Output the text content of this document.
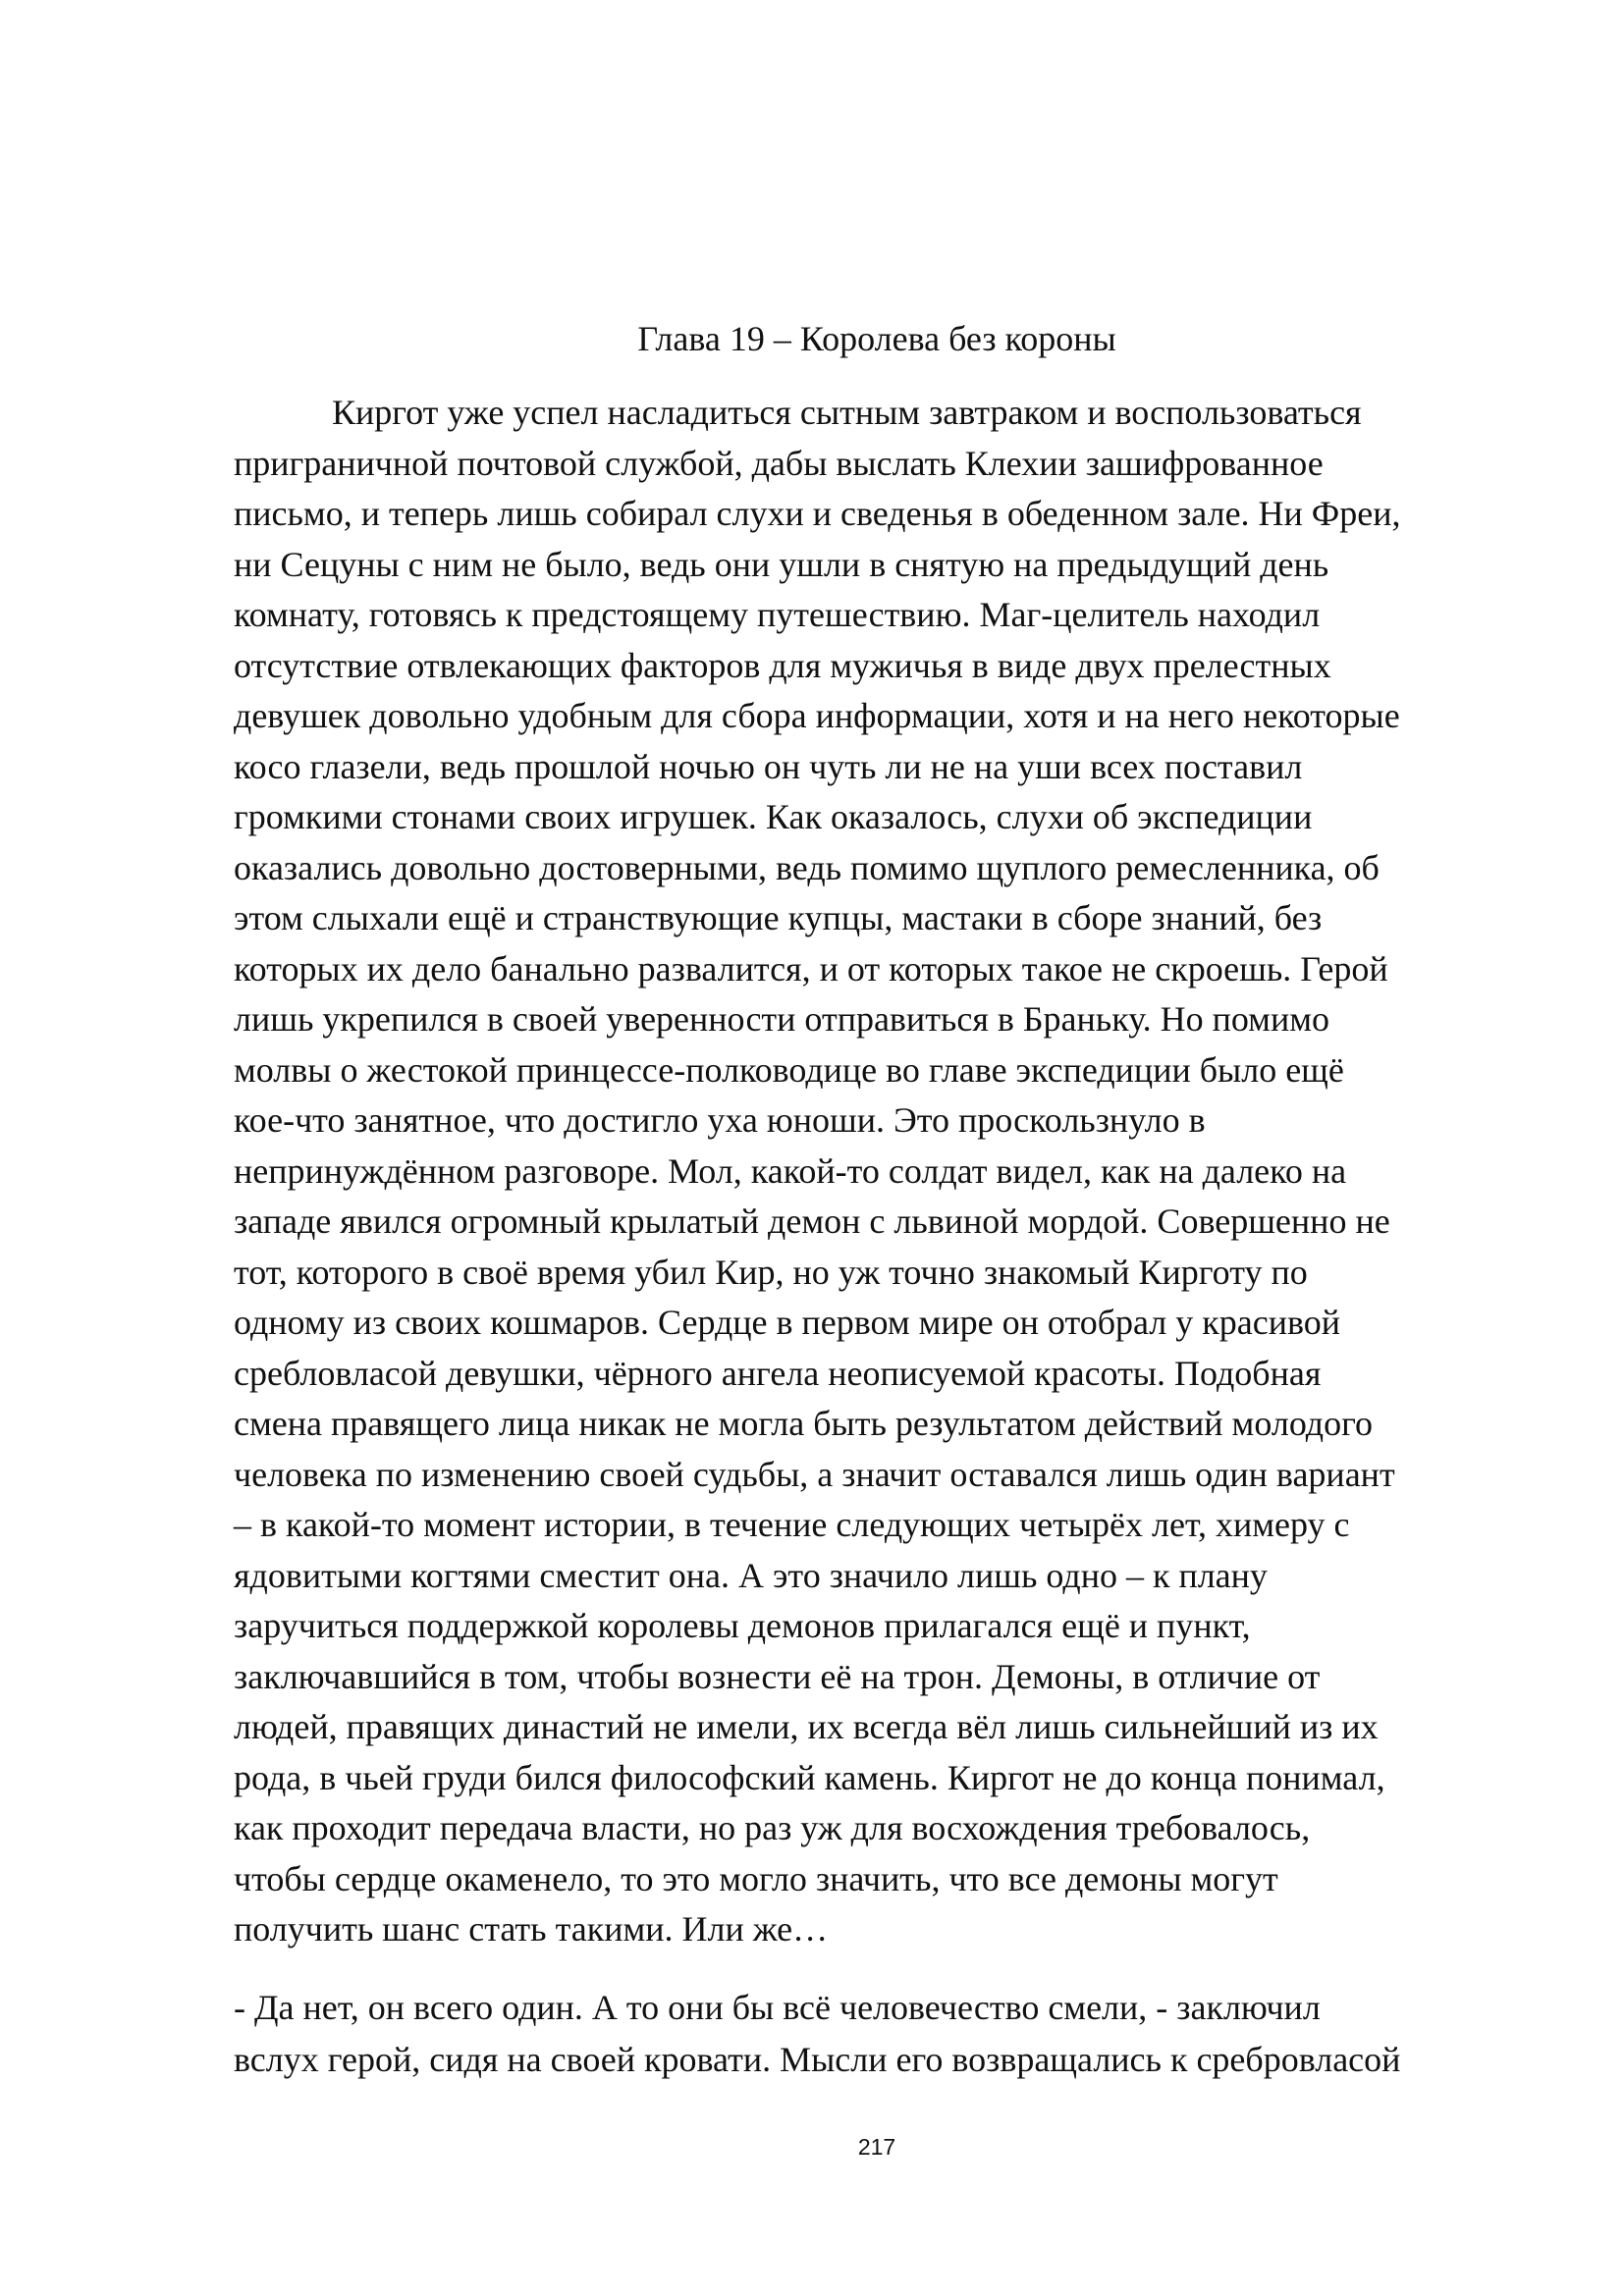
Глава 19 – Королева без короны
Киргот уже успел насладиться сытным завтраком и воспользоваться
приграничной почтовой службой, дабы выслать Клехии зашифрованное
письмо, и теперь лишь собирал слухи и сведенья в обеденном зале. Ни Фреи,
ни Сецуны с ним не было, ведь они ушли в снятую на предыдущий день
комнату, готовясь к предстоящему путешествию. Маг-целитель находил
отсутствие отвлекающих факторов для мужичья в виде двух прелестных
девушек довольно удобным для сбора информации, хотя и на него некоторые
косо глазели, ведь прошлой ночью он чуть ли не на уши всех поставил
громкими стонами своих игрушек. Как оказалось, слухи об экспедиции
оказались довольно достоверными, ведь помимо щуплого ремесленника, об
этом слыхали ещё и странствующие купцы, мастаки в сборе знаний, без
которых их дело банально развалится, и от которых такое не скроешь. Герой
лишь укрепился в своей уверенности отправиться в Браньку. Но помимо
молвы о жестокой принцессе-полководице во главе экспедиции было ещё
кое-что занятное, что достигло уха юноши. Это проскользнуло в
непринуждённом разговоре. Мол, какой-то солдат видел, как на далеко на
западе явился огромный крылатый демон с львиной мордой. Совершенно не
тот, которого в своё время убил Кир, но уж точно знакомый Кирготу по
одному из своих кошмаров. Сердце в первом мире он отобрал у красивой
сребловласой девушки, чёрного ангела неописуемой красоты. Подобная
смена правящего лица никак не могла быть результатом действий молодого
человека по изменению своей судьбы, а значит оставался лишь один вариант
– в какой-то момент истории, в течение следующих четырёх лет, химеру с
ядовитыми когтями сместит она. А это значило лишь одно – к плану
заручиться поддержкой королевы демонов прилагался ещё и пункт,
заключавшийся в том, чтобы вознести её на трон. Демоны, в отличие от
людей, правящих династий не имели, их всегда вёл лишь сильнейший из их
рода, в чьей груди бился философский камень. Киргот не до конца понимал,
как проходит передача власти, но раз уж для восхождения требовалось,
чтобы сердце окаменело, то это могло значить, что все демоны могут
получить шанс стать такими. Или же…
- Да нет, он всего один. А то они бы всё человечество смели, - заключил
вслух герой, сидя на своей кровати. Мысли его возвращались к сребровласой
217
